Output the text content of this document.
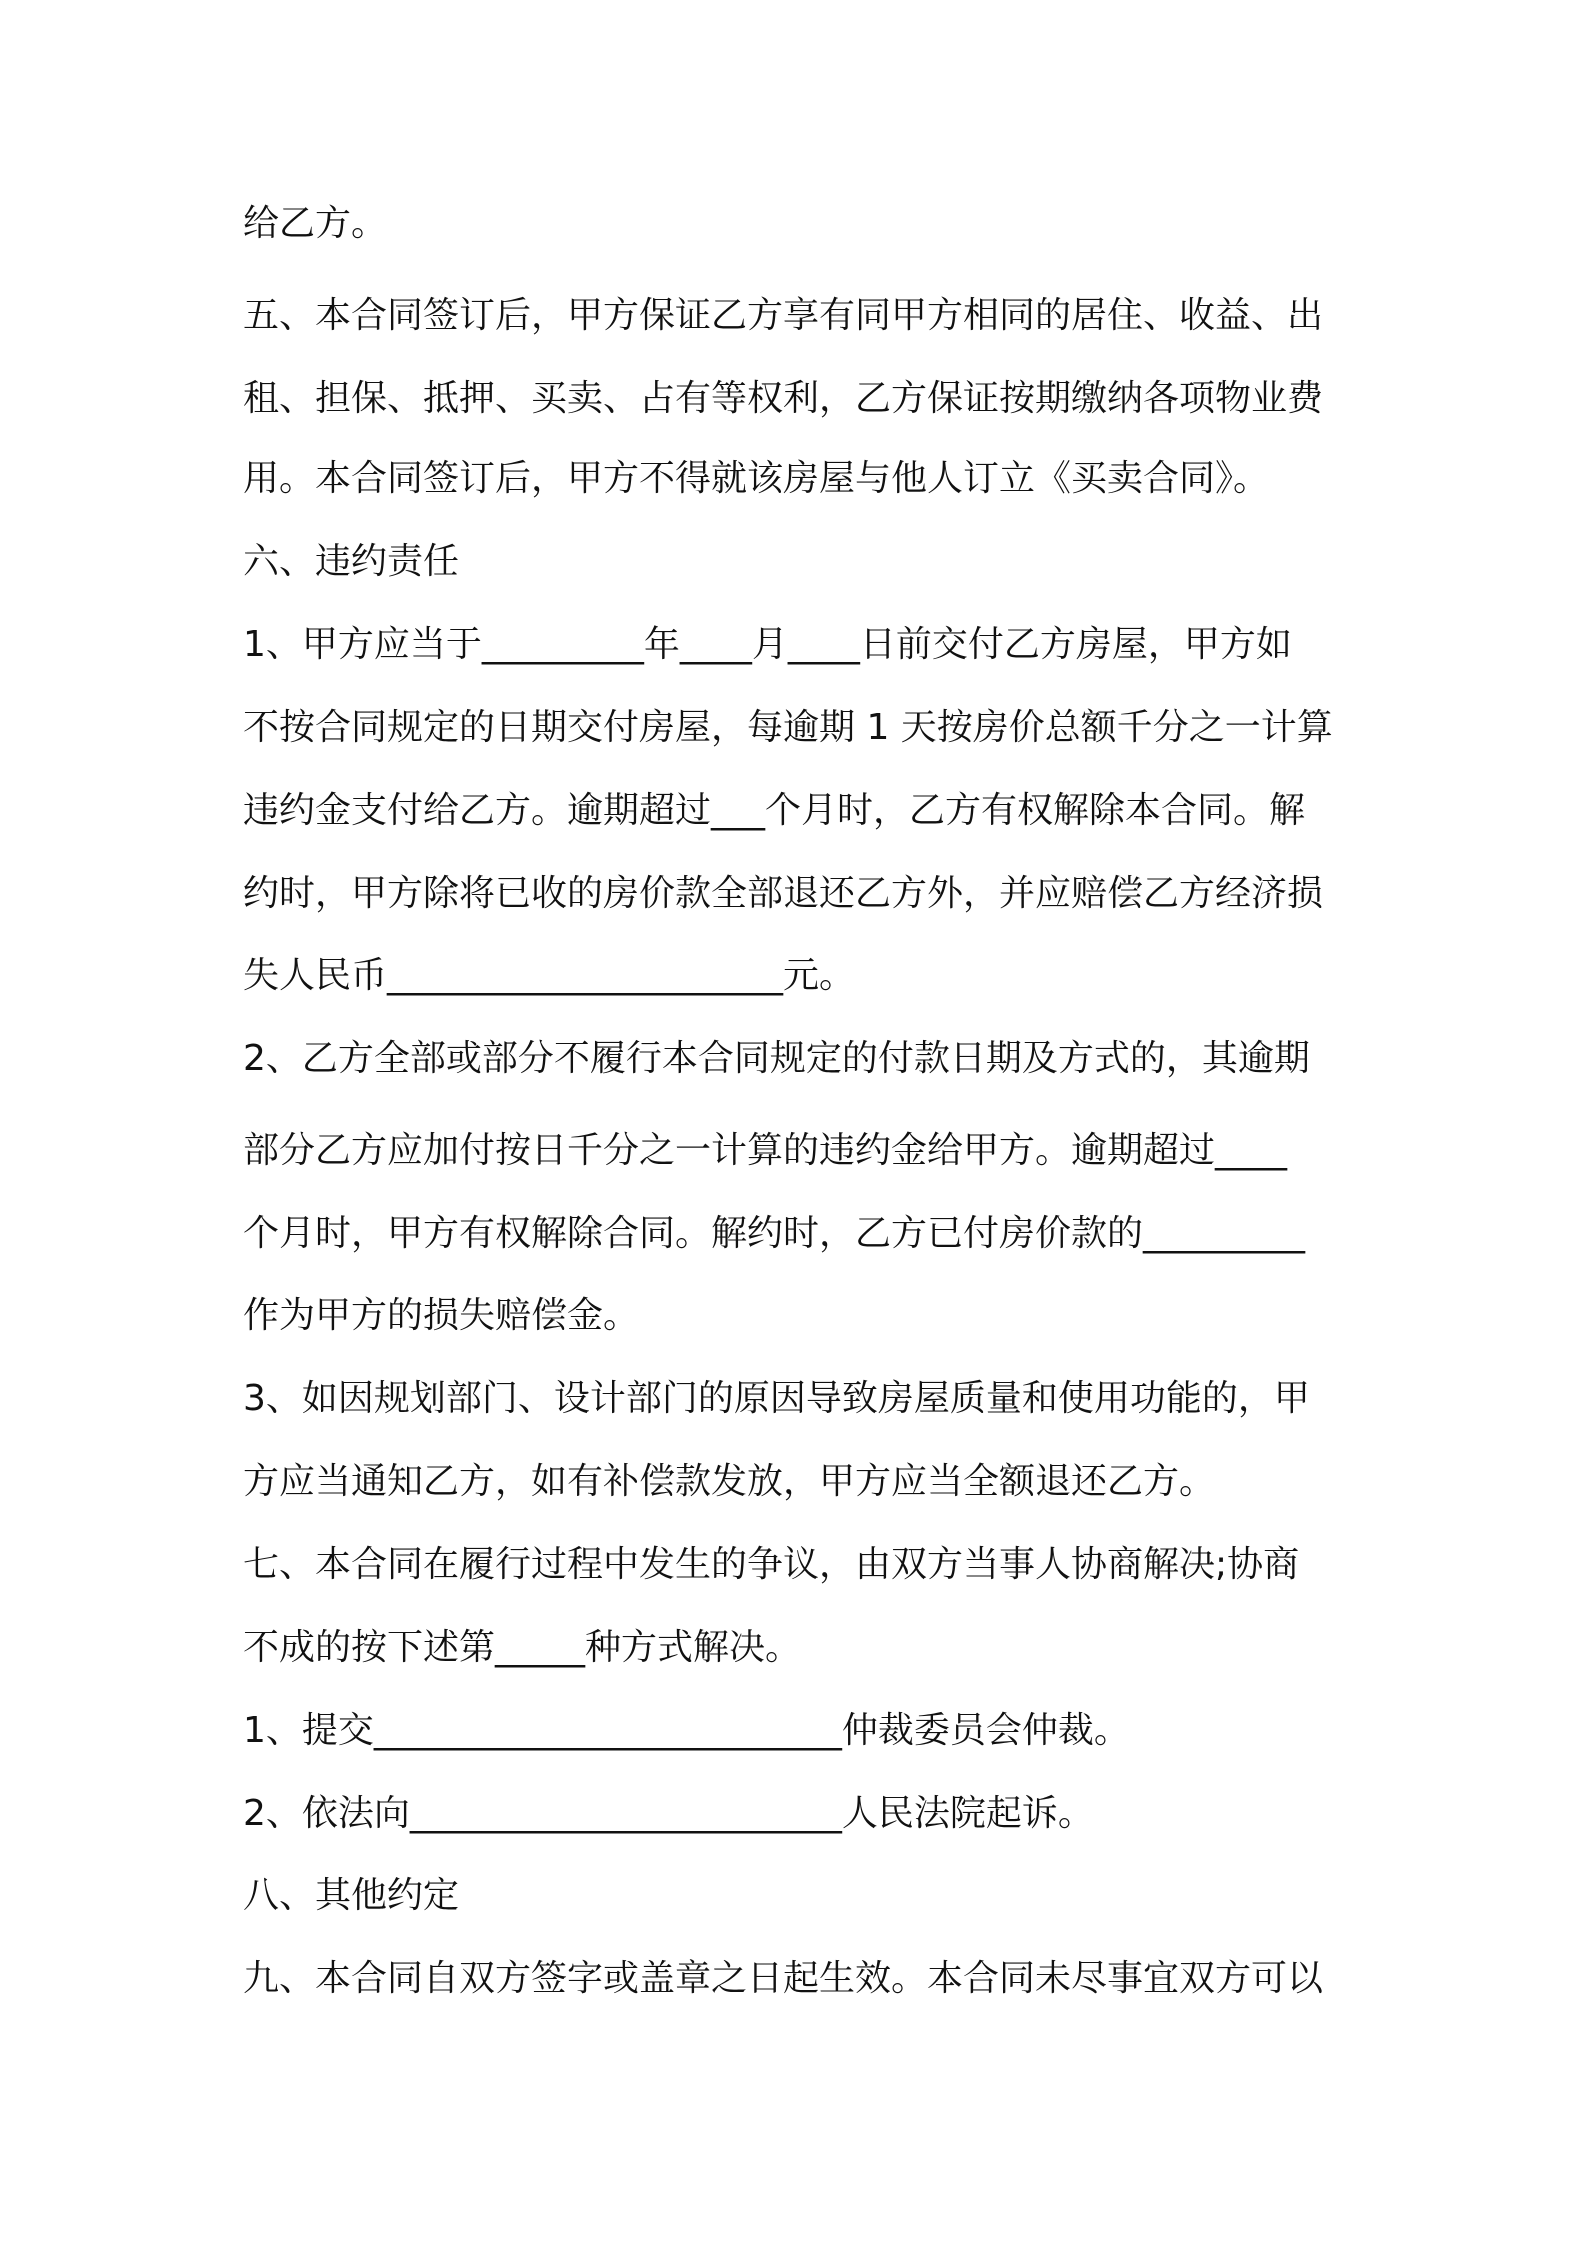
给乙方。
五、本合同签订后，甲方保证乙方享有同甲方相同的居住、收益、出
租、担保、抵押、买卖、占有等权利，乙方保证按期缴纳各项物业费
用。本合同签订后，甲方不得就该房屋与他人订立《买卖合同》。
六、违约责任
1、甲方应当于_________年____月____日前交付乙方房屋，甲方如
不按合同规定的日期交付房屋，每逾期 1 天按房价总额千分之一计算
违约金支付给乙方。逾期超过___个月时，乙方有权解除本合同。解
约时，甲方除将已收的房价款全部退还乙方外，并应赔偿乙方经济损
失人民币______________________元。
2、乙方全部或部分不履行本合同规定的付款日期及方式的，其逾期
部分乙方应加付按日千分之一计算的违约金给甲方。逾期超过____
个月时，甲方有权解除合同。解约时，乙方已付房价款的_________
作为甲方的损失赔偿金。
3、如因规划部门、设计部门的原因导致房屋质量和使用功能的，甲
方应当通知乙方，如有补偿款发放，甲方应当全额退还乙方。
七、本合同在履行过程中发生的争议，由双方当事人协商解决;协商
不成的按下述第_____种方式解决。
1、提交__________________________仲裁委员会仲裁。
2、依法向________________________人民法院起诉。
八、其他约定
九、本合同自双方签字或盖章之日起生效。本合同未尽事宜双方可以
